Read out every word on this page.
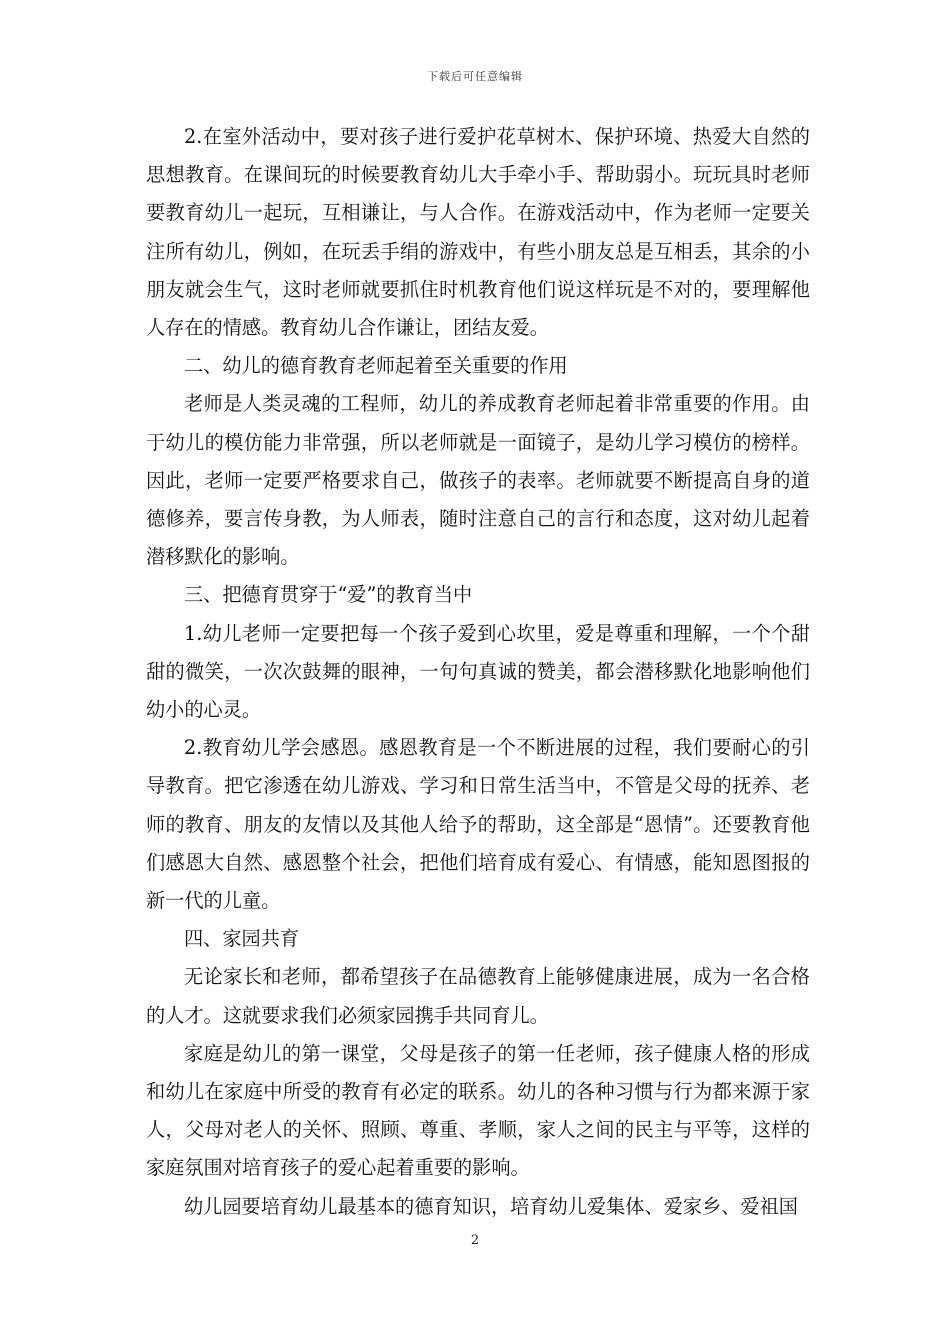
下载后可任意编辑

2.在室外活动中，要对孩子进行爱护花草树木、保护环境、热爱大自然的思想教育。在课间玩的时候要教育幼儿大手牵小手、帮助弱小。玩玩具时老师要教育幼儿一起玩，互相谦让，与人合作。在游戏活动中，作为老师一定要关注所有幼儿，例如，在玩丢手绢的游戏中，有些小朋友总是互相丢，其余的小朋友就会生气，这时老师就要抓住时机教育他们说这样玩是不对的，要理解他人存在的情感。教育幼儿合作谦让，团结友爱。

二、幼儿的德育教育老师起着至关重要的作用

老师是人类灵魂的工程师，幼儿的养成教育老师起着非常重要的作用。由于幼儿的模仿能力非常强，所以老师就是一面镜子，是幼儿学习模仿的榜样。因此，老师一定要严格要求自己，做孩子的表率。老师就要不断提高自身的道德修养，要言传身教，为人师表，随时注意自己的言行和态度，这对幼儿起着潜移默化的影响。

三、把德育贯穿于“爱”的教育当中

1.幼儿老师一定要把每一个孩子爱到心坎里，爱是尊重和理解，一个个甜甜的微笑，一次次鼓舞的眼神，一句句真诚的赞美，都会潜移默化地影响他们幼小的心灵。

2.教育幼儿学会感恩。感恩教育是一个不断进展的过程，我们要耐心的引导教育。把它渗透在幼儿游戏、学习和日常生活当中，不管是父母的抚养、老师的教育、朋友的友情以及其他人给予的帮助，这全部是“恩情”。还要教育他们感恩大自然、感恩整个社会，把他们培育成有爱心、有情感，能知恩图报的新一代的儿童。

四、家园共育

无论家长和老师，都希望孩子在品德教育上能够健康进展，成为一名合格的人才。这就要求我们必须家园携手共同育儿。

家庭是幼儿的第一课堂，父母是孩子的第一任老师，孩子健康人格的形成和幼儿在家庭中所受的教育有必定的联系。幼儿的各种习惯与行为都来源于家人，父母对老人的关怀、照顾、尊重、孝顺，家人之间的民主与平等，这样的家庭氛围对培育孩子的爱心起着重要的影响。

幼儿园要培育幼儿最基本的德育知识，培育幼儿爱集体、爱家乡、爱祖国

2
